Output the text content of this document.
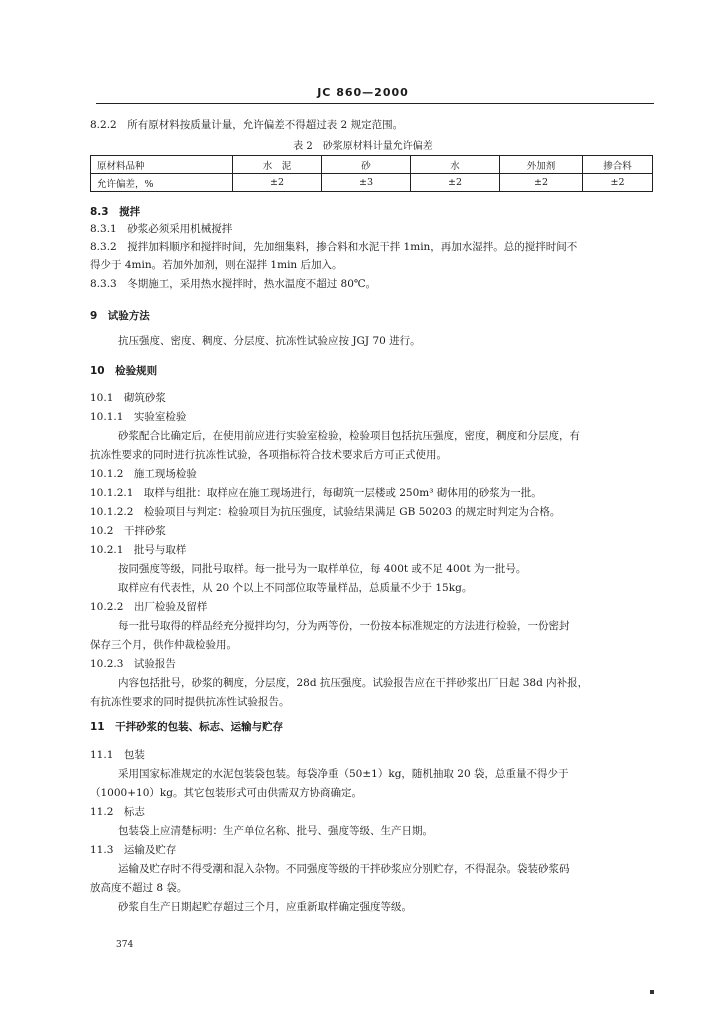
JC 860—2000
8.2.2　所有原材料按质量计量，允许偏差不得超过表 2 规定范围。
表 2　砂浆原材料计量允许偏差
原材料品种	水　泥	砂	水	外加剂	掺合料
允许偏差，%	±2	±3	±2	±2	±2
8.3　搅拌
8.3.1　砂浆必须采用机械搅拌
8.3.2　搅拌加料顺序和搅拌时间，先加细集料，掺合料和水泥干拌 1min，再加水湿拌。总的搅拌时间不
得少于 4min。若加外加剂，则在湿拌 1min 后加入。
8.3.3　冬期施工，采用热水搅拌时，热水温度不超过 80℃。
9　试验方法
抗压强度、密度、稠度、分层度、抗冻性试验应按 JGJ 70 进行。
10　检验规则
10.1　砌筑砂浆
10.1.1　实验室检验
砂浆配合比确定后，在使用前应进行实验室检验，检验项目包括抗压强度，密度，稠度和分层度，有
抗冻性要求的同时进行抗冻性试验，各项指标符合技术要求后方可正式使用。
10.1.2　施工现场检验
10.1.2.1　取样与组批：取样应在施工现场进行，每砌筑一层楼或 250m³ 砌体用的砂浆为一批。
10.1.2.2　检验项目与判定：检验项目为抗压强度，试验结果满足 GB 50203 的规定时判定为合格。
10.2　干拌砂浆
10.2.1　批号与取样
按同强度等级，同批号取样。每一批号为一取样单位，每 400t 或不足 400t 为一批号。
取样应有代表性，从 20 个以上不同部位取等量样品，总质量不少于 15kg。
10.2.2　出厂检验及留样
每一批号取得的样品经充分搅拌均匀，分为两等份，一份按本标准规定的方法进行检验，一份密封
保存三个月，供作仲裁检验用。
10.2.3　试验报告
内容包括批号，砂浆的稠度，分层度，28d 抗压强度。试验报告应在干拌砂浆出厂日起 38d 内补报，
有抗冻性要求的同时提供抗冻性试验报告。
11　干拌砂浆的包装、标志、运输与贮存
11.1　包装
采用国家标准规定的水泥包装袋包装。每袋净重（50±1）kg，随机抽取 20 袋，总重量不得少于
（1000+10）kg。其它包装形式可由供需双方协商确定。
11.2　标志
包装袋上应清楚标明：生产单位名称、批号、强度等级、生产日期。
11.3　运输及贮存
运输及贮存时不得受潮和混入杂物。不同强度等级的干拌砂浆应分别贮存，不得混杂。袋装砂浆码
放高度不超过 8 袋。
砂浆自生产日期起贮存超过三个月，应重新取样确定强度等级。
374
